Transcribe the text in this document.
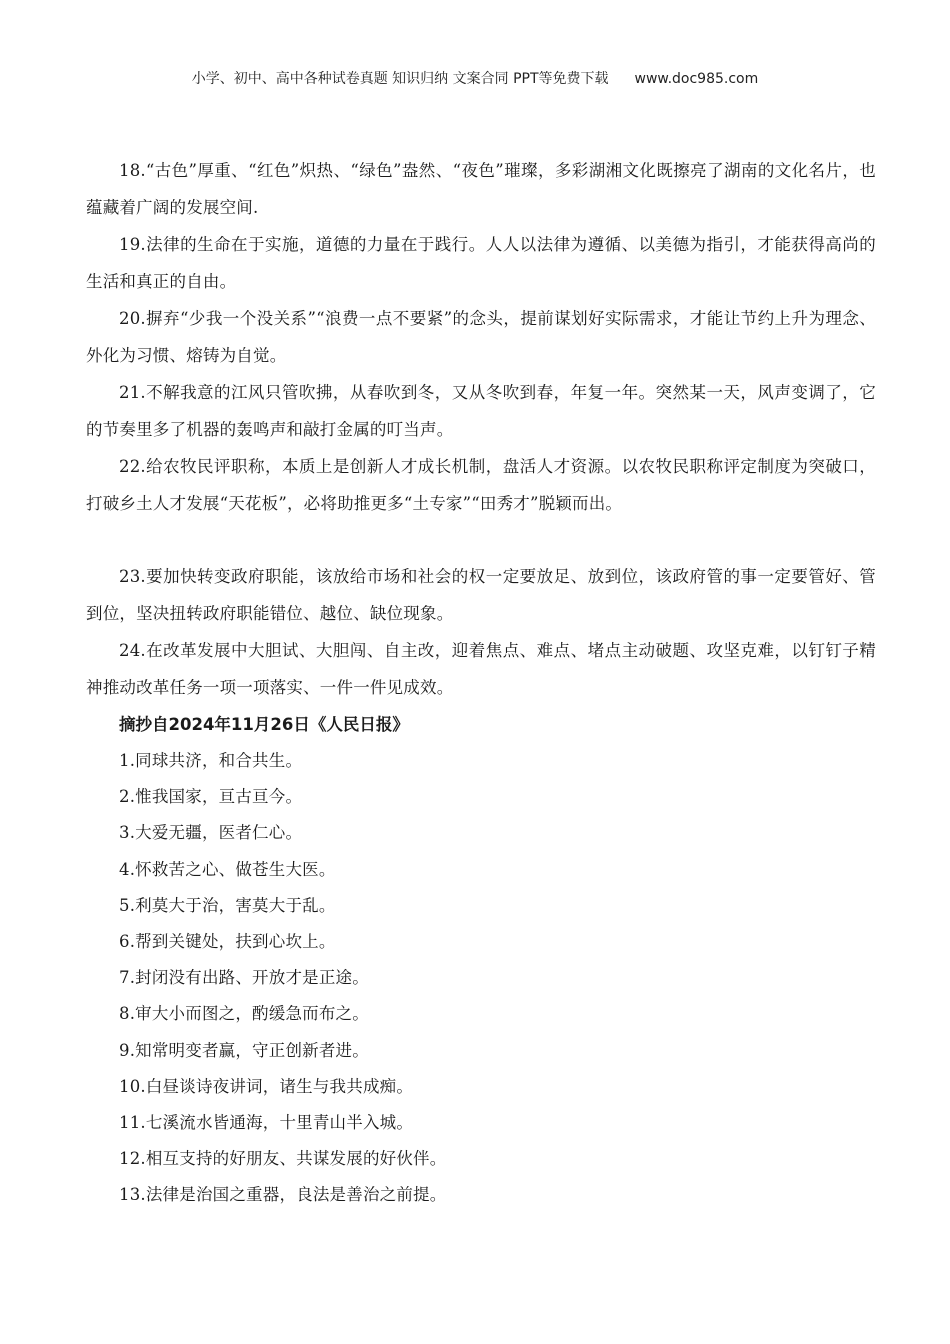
小学、初中、高中各种试卷真题 知识归纳 文案合同 PPT等免费下载 www.doc985.com

18.“古色”厚重、“红色”炽热、“绿色”盎然、“夜色”璀璨，多彩湖湘文化既擦亮了湖南的文化名片，也蕴藏着广阔的发展空间.

19.法律的生命在于实施，道德的力量在于践行。人人以法律为遵循、以美德为指引，才能获得高尚的生活和真正的自由。

20.摒弃“少我一个没关系”“浪费一点不要紧”的念头，提前谋划好实际需求，才能让节约上升为理念、外化为习惯、熔铸为自觉。

21.不解我意的江风只管吹拂，从春吹到冬，又从冬吹到春，年复一年。突然某一天，风声变调了，它的节奏里多了机器的轰鸣声和敲打金属的叮当声。

22.给农牧民评职称，本质上是创新人才成长机制，盘活人才资源。以农牧民职称评定制度为突破口，打破乡土人才发展“天花板”，必将助推更多“土专家”“田秀才”脱颖而出。

23.要加快转变政府职能，该放给市场和社会的权一定要放足、放到位，该政府管的事一定要管好、管到位，坚决扭转政府职能错位、越位、缺位现象。

24.在改革发展中大胆试、大胆闯、自主改，迎着焦点、难点、堵点主动破题、攻坚克难，以钉钉子精神推动改革任务一项一项落实、一件一件见成效。

摘抄自2024年11月26日《人民日报》

1.同球共济，和合共生。

2.惟我国家，亘古亘今。

3.大爱无疆，医者仁心。

4.怀救苦之心、做苍生大医。

5.利莫大于治，害莫大于乱。

6.帮到关键处，扶到心坎上。

7.封闭没有出路、开放才是正途。

8.审大小而图之，酌缓急而布之。

9.知常明变者赢，守正创新者进。

10.白昼谈诗夜讲词，诸生与我共成痴。

11.七溪流水皆通海，十里青山半入城。

12.相互支持的好朋友、共谋发展的好伙伴。

13.法律是治国之重器，良法是善治之前提。
